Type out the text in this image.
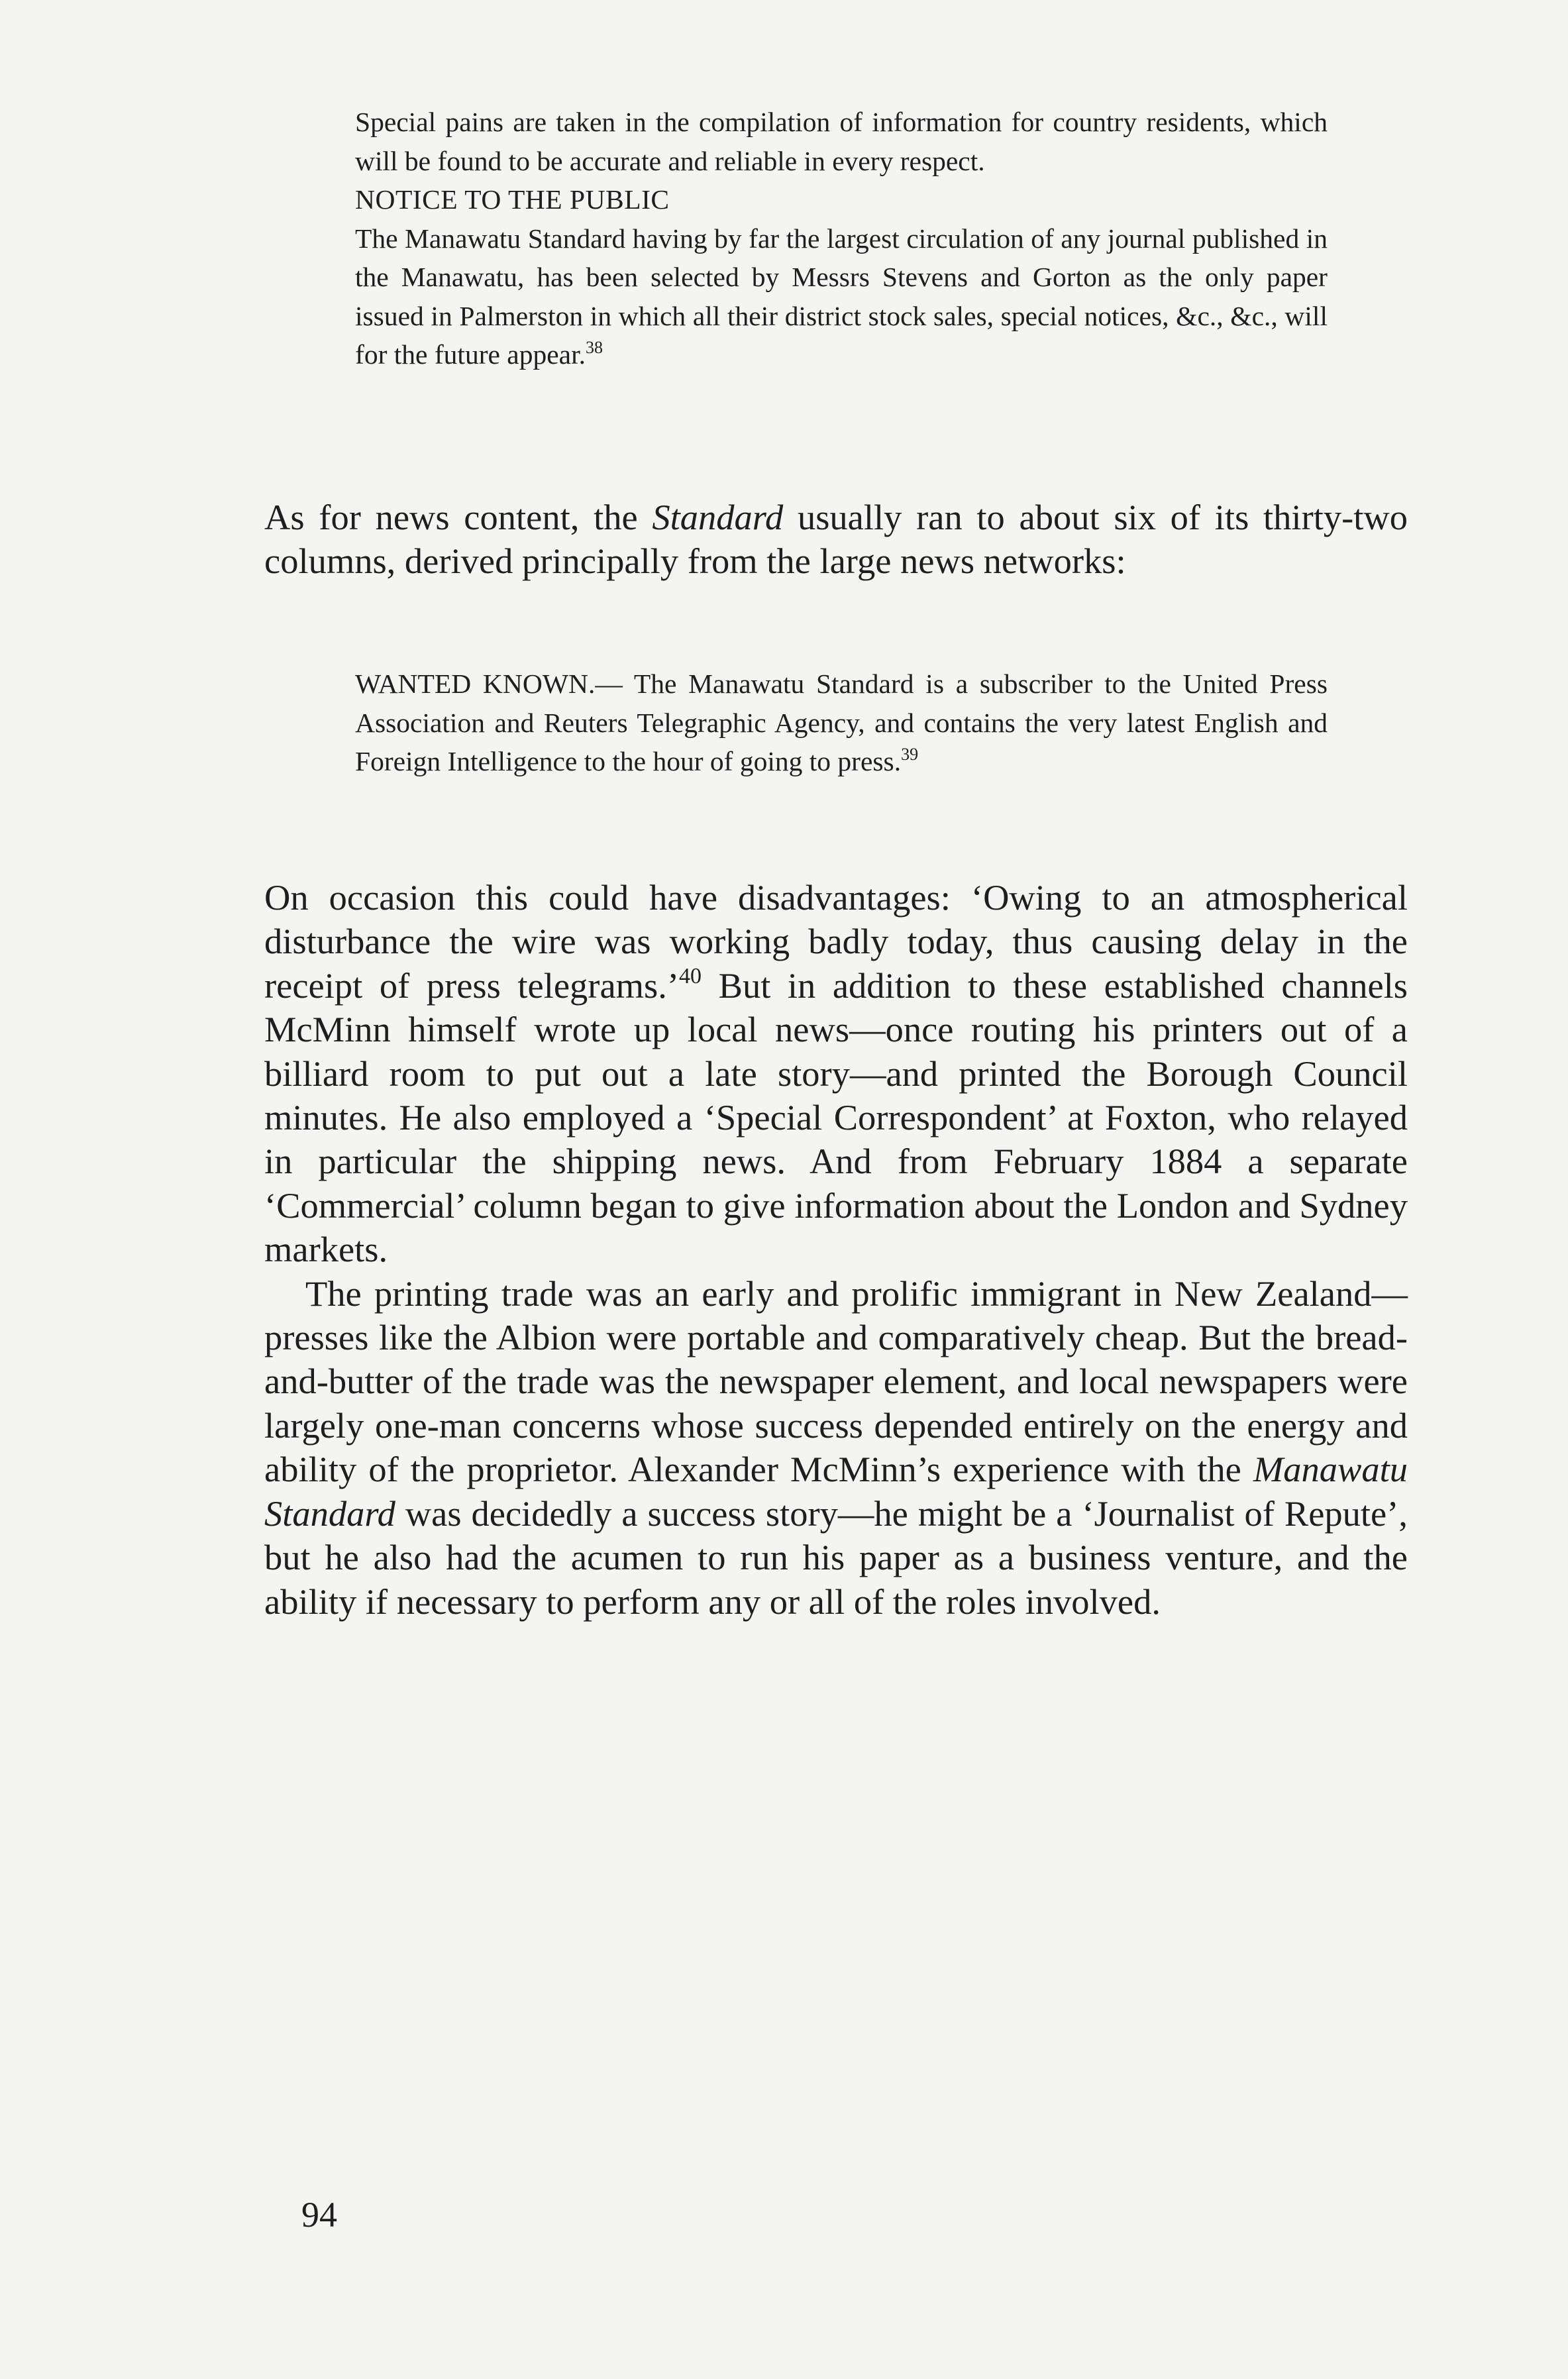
Special pains are taken in the compilation of information for country residents, which will be found to be accurate and reliable in every respect.

NOTICE TO THE PUBLIC

The Manawatu Standard having by far the largest circulation of any journal published in the Manawatu, has been selected by Messrs Stevens and Gorton as the only paper issued in Palmerston in which all their district stock sales, special notices, &c., &c., will for the future appear.$^{38}$

As for news content, the Standard usually ran to about six of its thirty-two columns, derived principally from the large news networks:

WANTED KNOWN.— The Manawatu Standard is a subscriber to the United Press Association and Reuters Telegraphic Agency, and contains the very latest English and Foreign Intelligence to the hour of going to press.$^{39}$

On occasion this could have disadvantages: ‘Owing to an atmospherical disturbance the wire was working badly today, thus causing delay in the receipt of press telegrams.’$^{40}$ But in addition to these established channels McMinn himself wrote up local news—once routing his printers out of a billiard room to put out a late story—and printed the Borough Council minutes. He also employed a ‘Special Correspondent’ at Foxton, who relayed in particular the shipping news. And from February 1884 a separate ‘Commercial’ column began to give information about the London and Sydney markets.

The printing trade was an early and prolific immigrant in New Zealand—presses like the Albion were portable and comparatively cheap. But the bread-and-butter of the trade was the newspaper element, and local newspapers were largely one-man concerns whose success depended entirely on the energy and ability of the proprietor. Alexander McMinn’s experience with the Manawatu Standard was decidedly a success story—he might be a ‘Journalist of Repute’, but he also had the acumen to run his paper as a business venture, and the ability if necessary to perform any or all of the roles involved.

94
